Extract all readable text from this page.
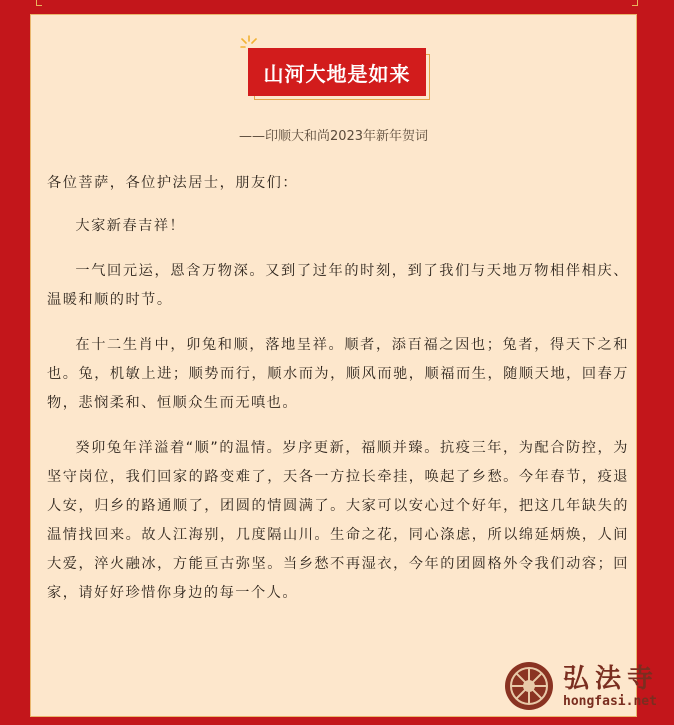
山河大地是如来
——印顺大和尚2023年新年贺词

各位菩萨，各位护法居士，朋友们：

大家新春吉祥！

一气回元运，恩含万物深。又到了过年的时刻，到了我们与天地万物相伴相庆、温暖和顺的时节。

在十二生肖中，卯兔和顺，落地呈祥。顺者，添百福之因也；兔者，得天下之和也。兔，机敏上进；顺势而行，顺水而为，顺风而驰，顺福而生，随顺天地，回春万物，悲悯柔和、恒顺众生而无嗔也。

癸卯兔年洋溢着“顺”的温情。岁序更新，福顺并臻。抗疫三年，为配合防控，为坚守岗位，我们回家的路变难了，天各一方拉长牵挂，唤起了乡愁。今年春节，疫退人安，归乡的路通顺了，团圆的情圆满了。大家可以安心过个好年，把这几年缺失的温情找回来。故人江海别，几度隔山川。生命之花，同心涤虑，所以绵延炳焕，人间大爱，淬火融冰，方能亘古弥坚。当乡愁不再湿衣，今年的团圆格外令我们动容；回家，请好好珍惜你身边的每一个人。

弘法寺
hongfasi.net
